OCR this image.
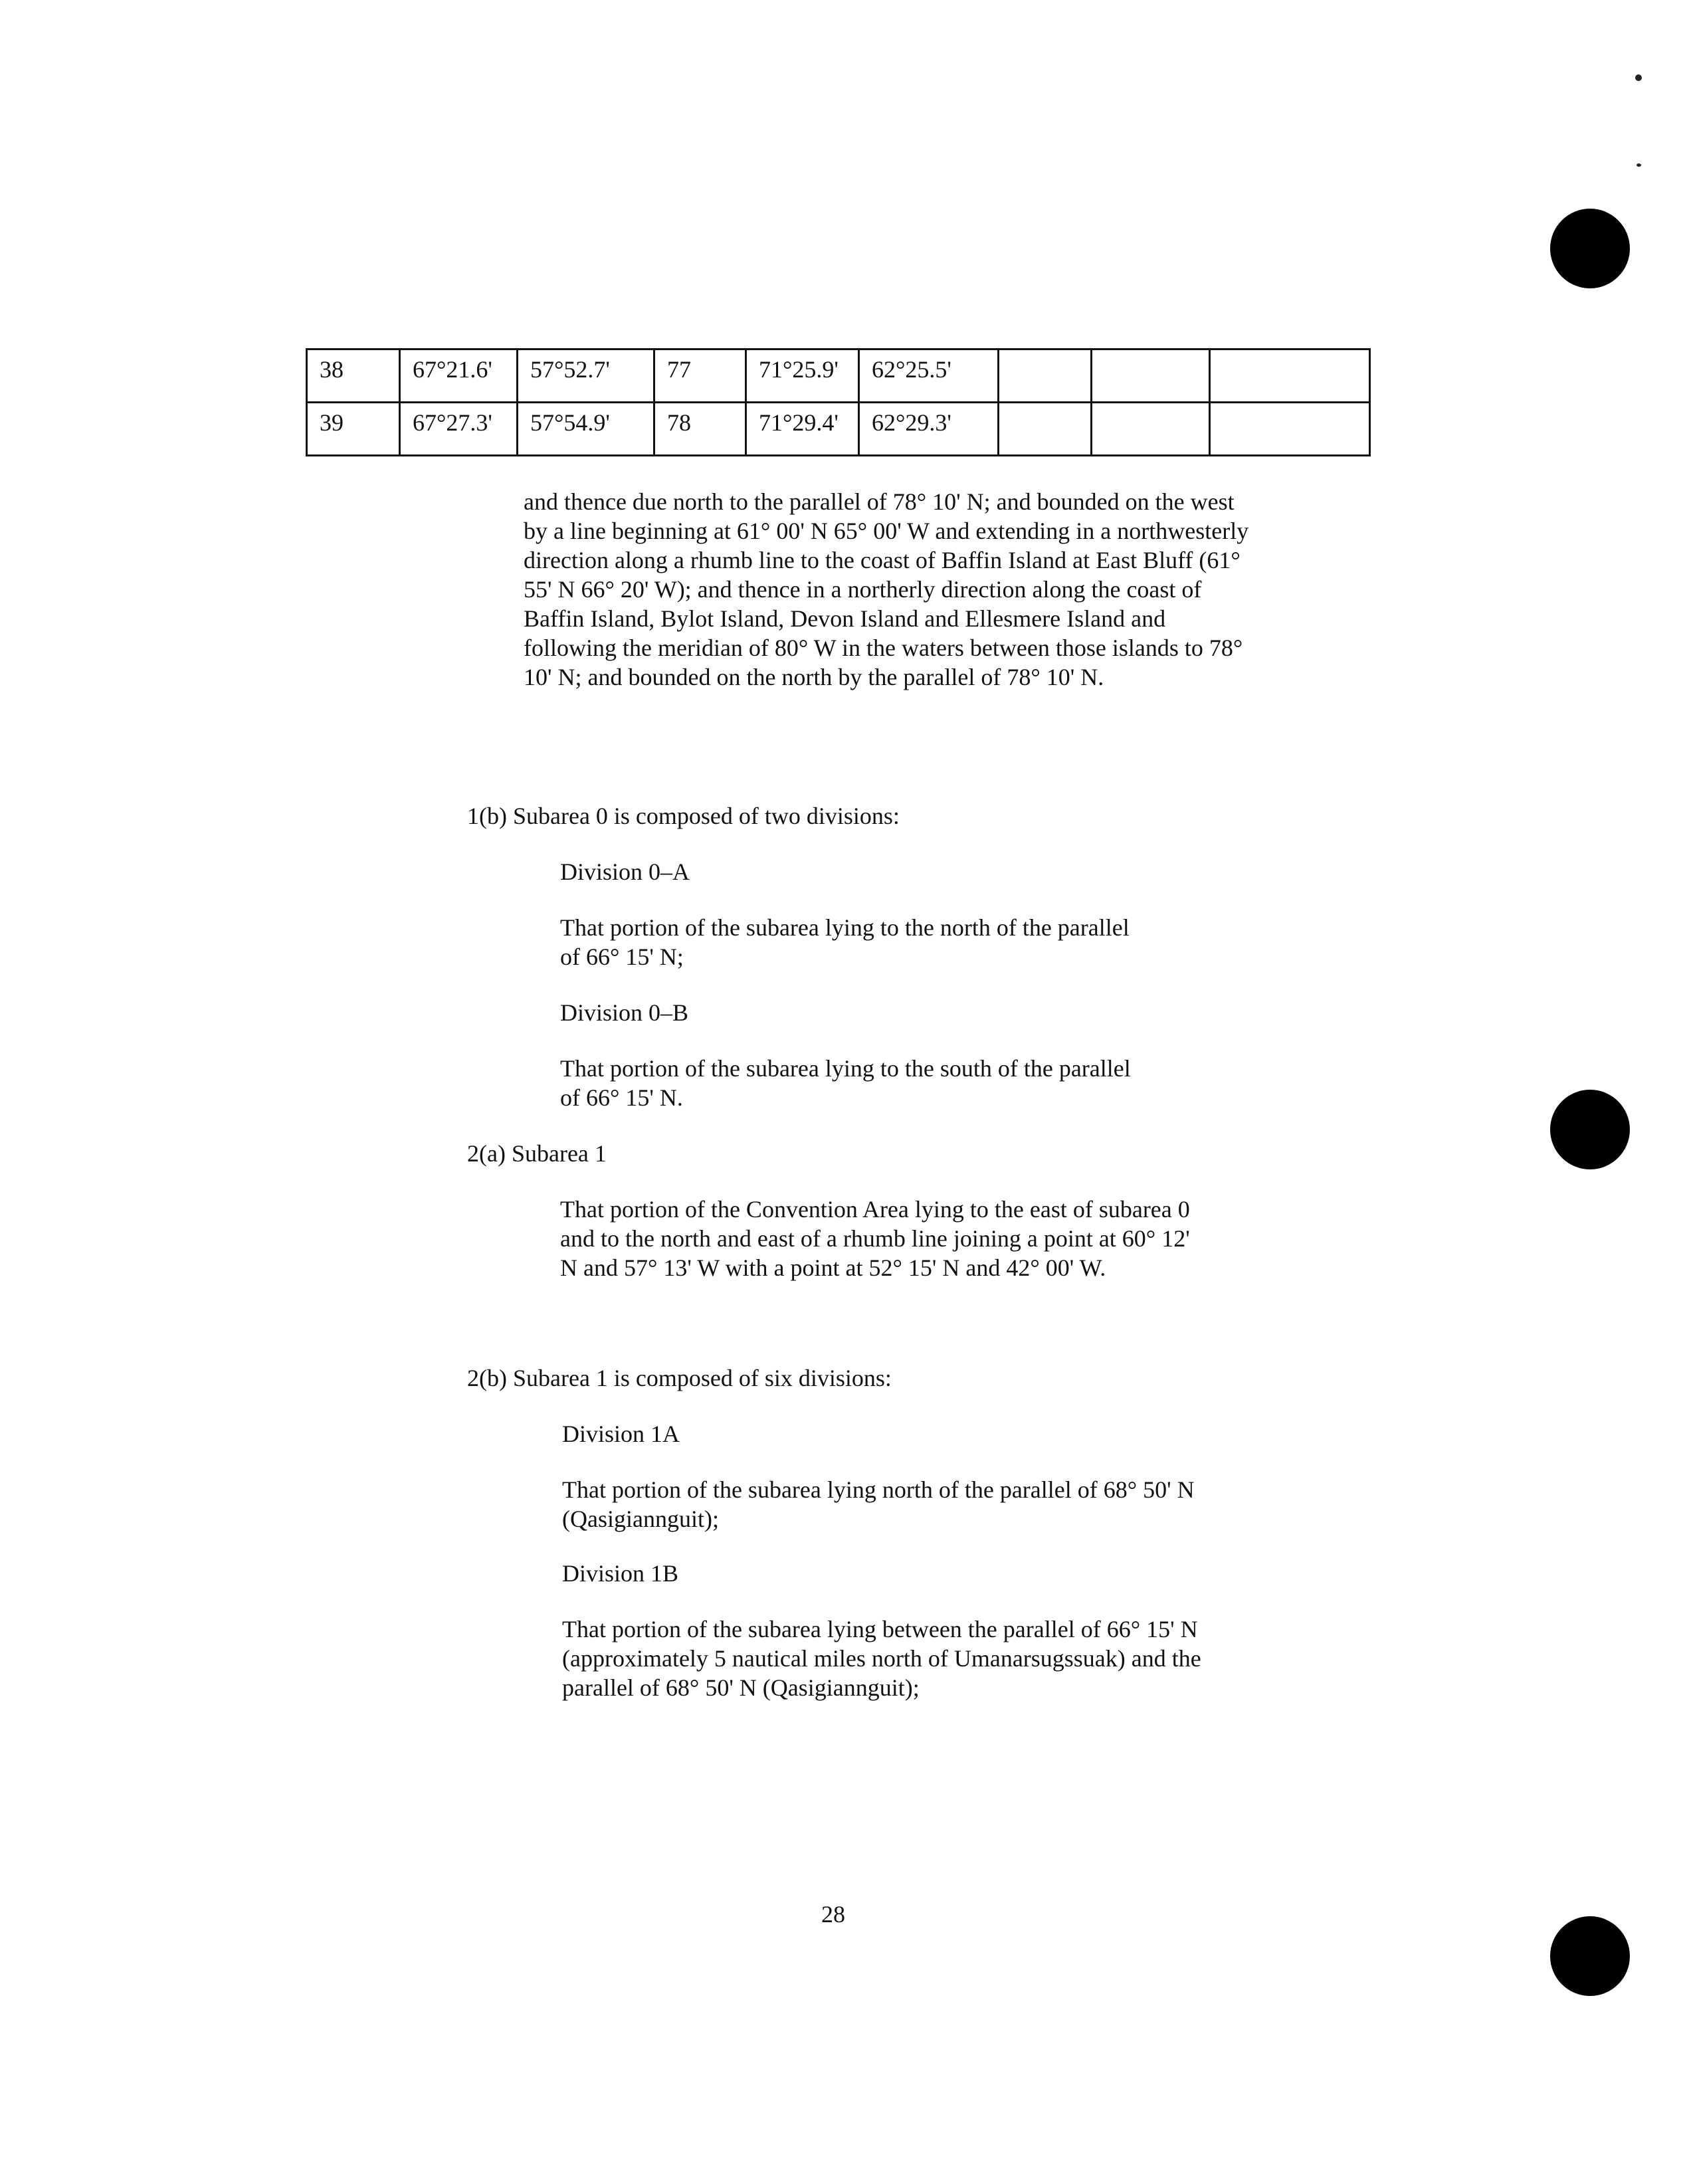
38	67°21.6'	57°52.7'	77	71°25.9'	62°25.5'			
39	67°27.3'	57°54.9'	78	71°29.4'	62°29.3'			

and thence due north to the parallel of 78° 10' N; and bounded on the west by a line beginning at 61° 00' N 65° 00' W and extending in a northwesterly direction along a rhumb line to the coast of Baffin Island at East Bluff (61° 55' N 66° 20' W); and thence in a northerly direction along the coast of Baffin Island, Bylot Island, Devon Island and Ellesmere Island and following the meridian of 80° W in the waters between those islands to 78° 10' N; and bounded on the north by the parallel of 78° 10' N.

1(b) Subarea 0 is composed of two divisions:
Division 0–A
That portion of the subarea lying to the north of the parallel
of 66° 15' N;
Division 0–B
That portion of the subarea lying to the south of the parallel
of 66° 15' N.
2(a) Subarea 1
That portion of the Convention Area lying to the east of subarea 0
and to the north and east of a rhumb line joining a point at 60° 12'
N and 57° 13' W with a point at 52° 15' N and 42° 00' W.
2(b) Subarea 1 is composed of six divisions:
Division 1A
That portion of the subarea lying north of the parallel of 68° 50' N
(Qasigiannguit);
Division 1B
That portion of the subarea lying between the parallel of 66° 15' N
(approximately 5 nautical miles north of Umanarsugssuak) and the
parallel of 68° 50' N (Qasigiannguit);
28
